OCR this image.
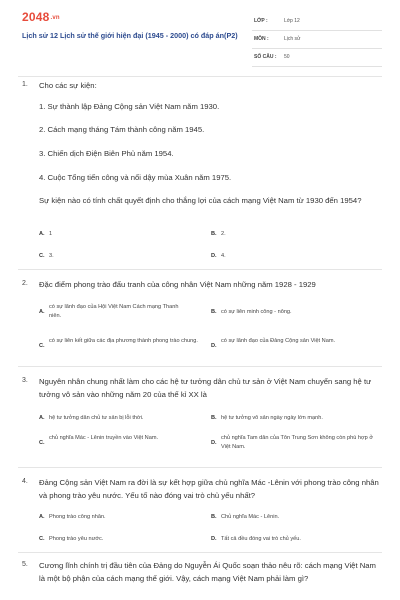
2048.vn
Lịch sử 12 Lịch sử thế giới hiện đại (1945 - 2000) có đáp án(P2)
LỚP :	Lớp 12
MÔN :	Lịch sử
SỐ CÂU : 50
1. Cho các sự kiện:
1. Sự thành lập Đảng Cộng sản Việt Nam năm 1930.
2. Cách mạng tháng Tám thành công năm 1945.
3. Chiến dịch Điện Biên Phủ năm 1954.
4. Cuộc Tổng tiến công và nổi dậy mùa Xuân năm 1975.
Sự kiện nào có tính chất quyết định cho thắng lợi của cách mạng Việt Nam từ 1930 đến 1954?
A. 1	B. 2.
C. 3.	D. 4.
2. Đặc điểm phong trào đấu tranh của công nhân Việt Nam những năm 1928 - 1929
A.
có sự lãnh đạo của Hội Việt Nam Cách mạng Thanh niên.
B. có sự liên minh công - nông.
C.
có sự liên kết giữa các địa phương thành phong trào chung.
D.
có sự lãnh đạo của Đảng Cộng sản Việt Nam.
3. Nguyên nhân chung nhất làm cho các hệ tư tưởng dân chủ tư sản ở Việt Nam chuyển sang hệ tư tưởng vô sản vào những năm 20 của thế kỉ XX là
A. hệ tư tưởng dân chủ tư sản bị lỗi thời.	B. hệ tư tưởng vô sản ngày ngày lớn mạnh.
C.
chủ nghĩa Mác - Lênin truyền vào Việt Nam.
D.
chủ nghĩa Tam dân của Tôn Trung Sơn không còn phù hợp ở Việt Nam.
4. Đảng Cộng sản Việt Nam ra đời là sự kết hợp giữa chủ nghĩa Mác -Lênin với phong trào công nhân và phong trào yêu nước. Yếu tố nào đóng vai trò chủ yếu nhất?
A. Phong trào công nhân.	B. Chủ nghĩa Mác - Lênin.
C. Phong trào yêu nước.	D. Tất cả đều đóng vai trò chủ yếu.
5. Cương lĩnh chính trị đầu tiên của Đảng do Nguyễn Ái Quốc soạn thảo nêu rõ: cách mạng Việt Nam là một bộ phận của cách mạng thế giới. Vậy, cách mạng Việt Nam phải làm gì?
